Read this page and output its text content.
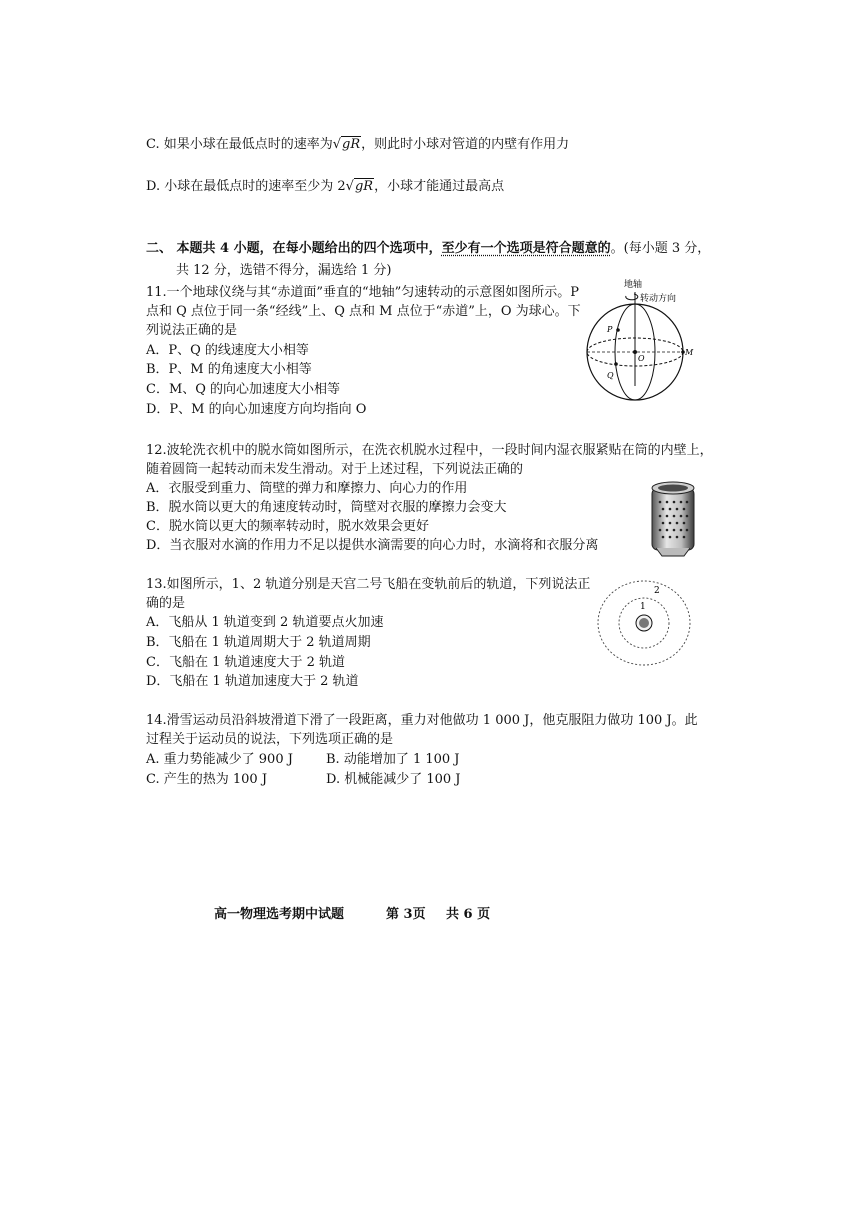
C. 如果小球在最低点时的速率为√gR，则此时小球对管道的内壁有作用力
D. 小球在最低点时的速率至少为 2√gR，小球才能通过最高点
二、 本题共 4 小题，在每小题给出的四个选项中，至少有一个选项是符合题意的。(每小题 3 分，
共 12 分，选错不得分，漏选给 1 分)
11.一个地球仪绕与其“赤道面”垂直的“地轴”匀速转动的示意图如图所示。P
点和 Q 点位于同一条“经线”上、Q 点和 M 点位于“赤道”上，O 为球心。下
列说法正确的是
A．P、Q 的线速度大小相等
B．P、M 的角速度大小相等
C．M、Q 的向心加速度大小相等
D．P、M 的向心加速度方向均指向 O
地轴
转动方向
O
P
M
Q
12.波轮洗衣机中的脱水筒如图所示，在洗衣机脱水过程中，一段时间内湿衣服紧贴在筒的内壁上，
随着圆筒一起转动而未发生滑动。对于上述过程，下列说法正确的
A．衣服受到重力、筒壁的弹力和摩擦力、向心力的作用
B．脱水筒以更大的角速度转动时，筒壁对衣服的摩擦力会变大
C．脱水筒以更大的频率转动时，脱水效果会更好
D．当衣服对水滴的作用力不足以提供水滴需要的向心力时，水滴将和衣服分离
13.如图所示，1、2 轨道分别是天宫二号飞船在变轨前后的轨道，下列说法正
确的是
A．飞船从 1 轨道变到 2 轨道要点火加速
B．飞船在 1 轨道周期大于 2 轨道周期
C．飞船在 1 轨道速度大于 2 轨道
D．飞船在 1 轨道加速度大于 2 轨道
1
2
14.滑雪运动员沿斜坡滑道下滑了一段距离，重力对他做功 1 000 J，他克服阻力做功 100 J。此
过程关于运动员的说法，下列选项正确的是
A. 重力势能减少了 900 J	B. 动能增加了 1 100 J
C. 产生的热为 100 J	D. 机械能减少了 100 J
高一物理选考期中试题	第 3页 共 6 页
